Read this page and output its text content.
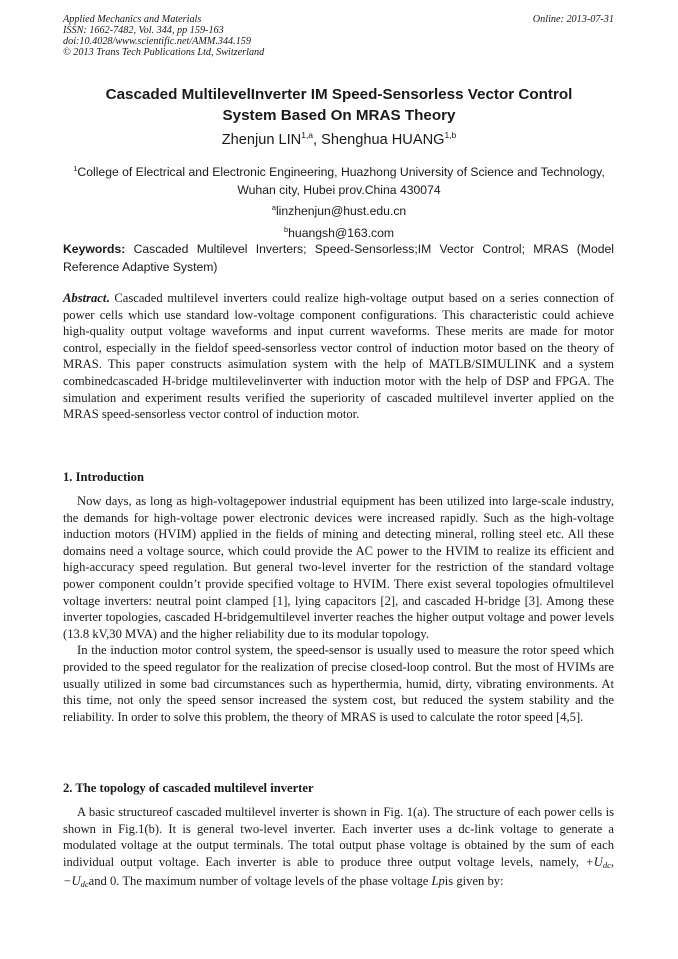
Applied Mechanics and Materials
ISSN: 1662-7482, Vol. 344, pp 159-163
doi:10.4028/www.scientific.net/AMM.344.159
© 2013 Trans Tech Publications Ltd, Switzerland
Online: 2013-07-31
Cascaded MultilevelInverter IM Speed-Sensorless Vector Control
System Based On MRAS Theory
Zhenjun LIN$^{1,a}$, Shenghua HUANG$^{1,b}$
$^1$College of Electrical and Electronic Engineering, Huazhong University of Science and Technology,
Wuhan city, Hubei prov.China 430074
$^a$linzhenjun@hust.edu.cn
$^b$huangsh@163.com
Keywords: Cascaded Multilevel Inverters; Speed-Sensorless;IM Vector Control; MRAS (Model Reference Adaptive System)
Abstract. Cascaded multilevel inverters could realize high-voltage output based on a series connection of power cells which use standard low-voltage component configurations. This characteristic could achieve high-quality output voltage waveforms and input current waveforms. These merits are made for motor control, especially in the fieldof speed-sensorless vector control of induction motor based on the theory of MRAS. This paper constructs asimulation system with the help of MATLB/SIMULINK and a system combinedcascaded H-bridge multilevelinverter with induction motor with the help of DSP and FPGA. The simulation and experiment results verified the superiority of cascaded multilevel inverter applied on the MRAS speed-sensorless vector control of induction motor.
1. Introduction

Now days, as long as high-voltagepower industrial equipment has been utilized into large-scale industry, the demands for high-voltage power electronic devices were increased rapidly. Such as the high-voltage induction motors (HVIM) applied in the fields of mining and detecting mineral, rolling steel etc. All these domains need a voltage source, which could provide the AC power to the HVIM to realize its efficient and high-accuracy speed regulation. But general two-level inverter for the restriction of the standard voltage power component couldn’t provide specified voltage to HVIM. There exist several topologies ofmultilevel voltage inverters: neutral point clamped [1], lying capacitors [2], and cascaded H-bridge [3]. Among these inverter topologies, cascaded H-bridgemultilevel inverter reaches the higher output voltage and power levels (13.8 kV,30 MVA) and the higher reliability due to its modular topology.

In the induction motor control system, the speed-sensor is usually used to measure the rotor speed which provided to the speed regulator for the realization of precise closed-loop control. But the most of HVIMs are usually utilized in some bad circumstances such as hyperthermia, humid, dirty, vibrating environments. At this time, not only the speed sensor increased the system cost, but reduced the system stability and the reliability. In order to solve this problem, the theory of MRAS is used to calculate the rotor speed [4,5].

2. The topology of cascaded multilevel inverter

A basic structureof cascaded multilevel inverter is shown in Fig. 1(a). The structure of each power cells is shown in Fig.1(b). It is general two-level inverter. Each inverter uses a dc-link voltage to generate a modulated voltage at the output terminals. The total output phase voltage is obtained by the sum of each individual output voltage. Each inverter is able to produce three output voltage levels, namely, $+U_{dc}$, $-U_{dc}and$ 0. The maximum number of voltage levels of the phase voltage Lpis given by:
